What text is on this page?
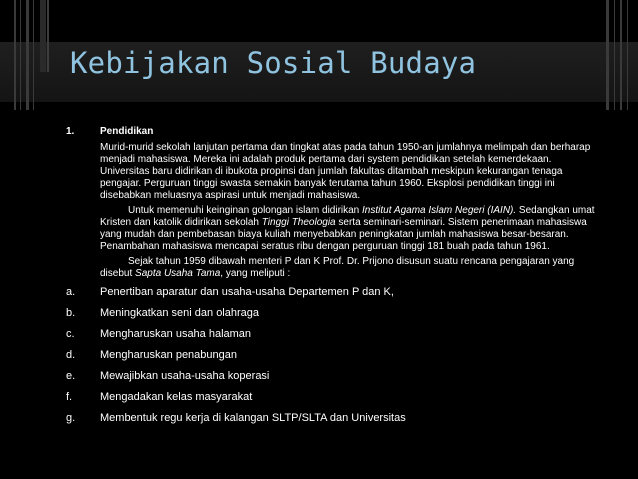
Kebijakan Sosial Budaya
1.	Pendidikan
Murid-murid sekolah lanjutan pertama dan tingkat atas pada tahun 1950-an jumlahnya melimpah dan berharap menjadi mahasiswa. Mereka ini adalah produk pertama dari system pendidikan setelah kemerdekaan. Universitas baru didirikan di ibukota propinsi dan jumlah fakultas ditambah meskipun kekurangan tenaga pengajar. Perguruan tinggi swasta semakin banyak terutama tahun 1960. Eksplosi pendidikan tinggi ini disebabkan meluasnya aspirasi untuk menjadi mahasiswa.
Untuk memenuhi keinginan golongan islam didirikan Institut Agama Islam Negeri (IAIN). Sedangkan umat Kristen dan katolik didirikan sekolah Tinggi Theologia serta seminari-seminari. Sistem penerimaan mahasiswa yang mudah dan pembebasan biaya kuliah menyebabkan peningkatan jumlah mahasiswa besar-besaran. Penambahan mahasiswa mencapai seratus ribu dengan perguruan tinggi 181 buah pada tahun 1961.
Sejak tahun 1959 dibawah menteri P dan K Prof. Dr. Prijono disusun suatu rencana pengajaran yang disebut Sapta Usaha Tama, yang meliputi :
a. Penertiban aparatur dan usaha-usaha Departemen P dan K,
b. Meningkatkan seni dan olahraga
c. Mengharuskan usaha halaman
d. Mengharuskan penabungan
e. Mewajibkan usaha-usaha koperasi
f.	Mengadakan kelas masyarakat
g. Membentuk regu kerja di kalangan SLTP/SLTA dan Universitas
